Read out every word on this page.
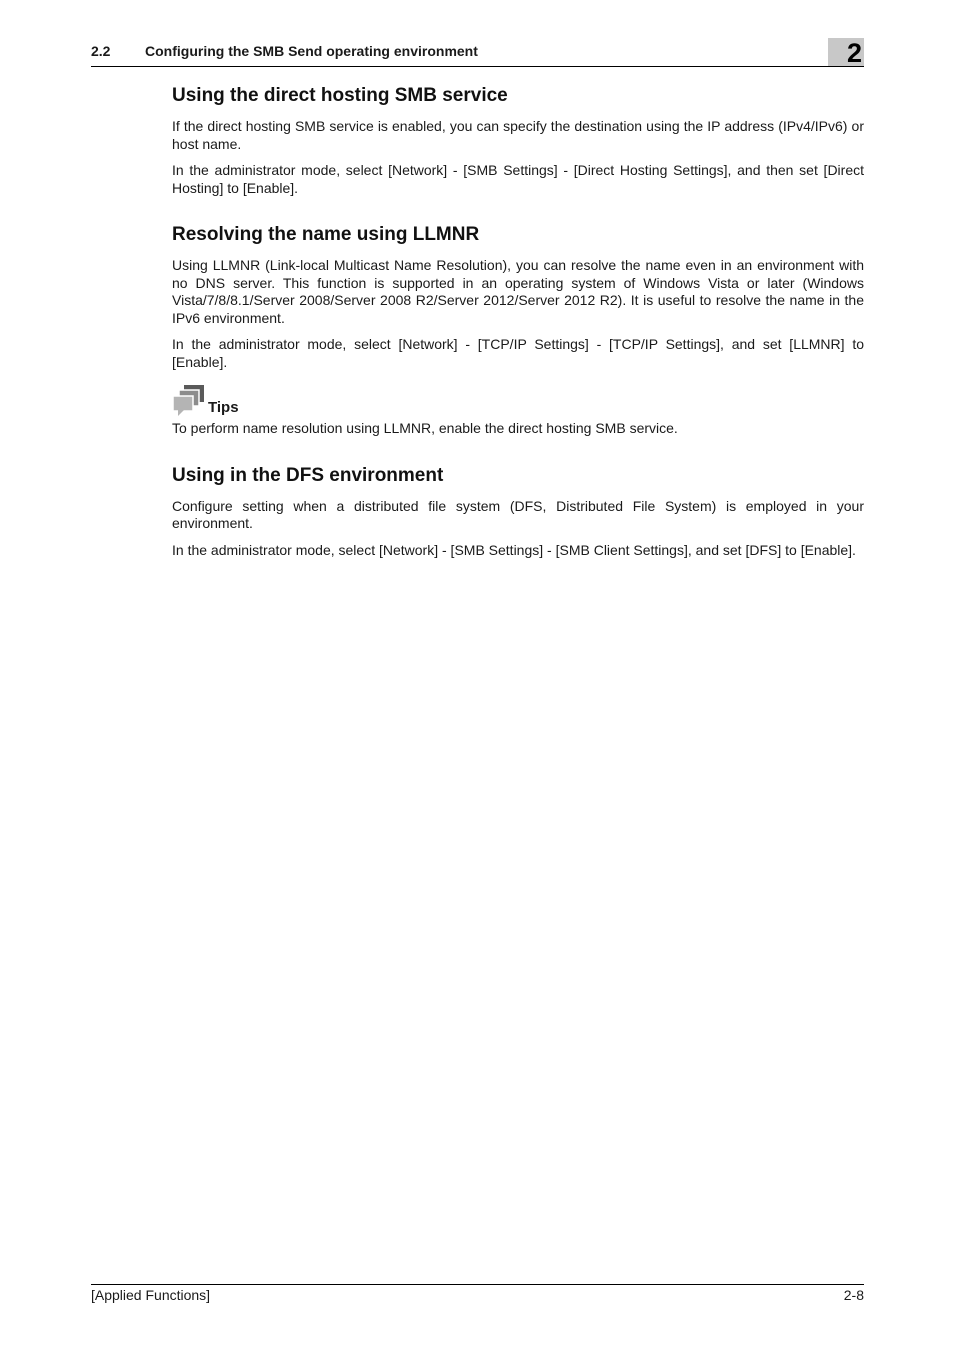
2.2 Configuring the SMB Send operating environment	2
Using the direct hosting SMB service

If the direct hosting SMB service is enabled, you can specify the destination using the IP address (IPv4/IPv6) or host name.

In the administrator mode, select [Network] - [SMB Settings] - [Direct Hosting Settings], and then set [Direct Hosting] to [Enable].

Resolving the name using LLMNR

Using LLMNR (Link-local Multicast Name Resolution), you can resolve the name even in an environment with no DNS server. This function is supported in an operating system of Windows Vista or later (Windows Vista/7/8/8.1/Server 2008/Server 2008 R2/Server 2012/Server 2012 R2). It is useful to resolve the name in the IPv6 environment.

In the administrator mode, select [Network] - [TCP/IP Settings] - [TCP/IP Settings], and set [LLMNR] to [Enable].

Tips

To perform name resolution using LLMNR, enable the direct hosting SMB service.

Using in the DFS environment

Configure setting when a distributed file system (DFS, Distributed File System) is employed in your environment.

In the administrator mode, select [Network] - [SMB Settings] - [SMB Client Settings], and set [DFS] to [Enable].

[Applied Functions]	2-8
